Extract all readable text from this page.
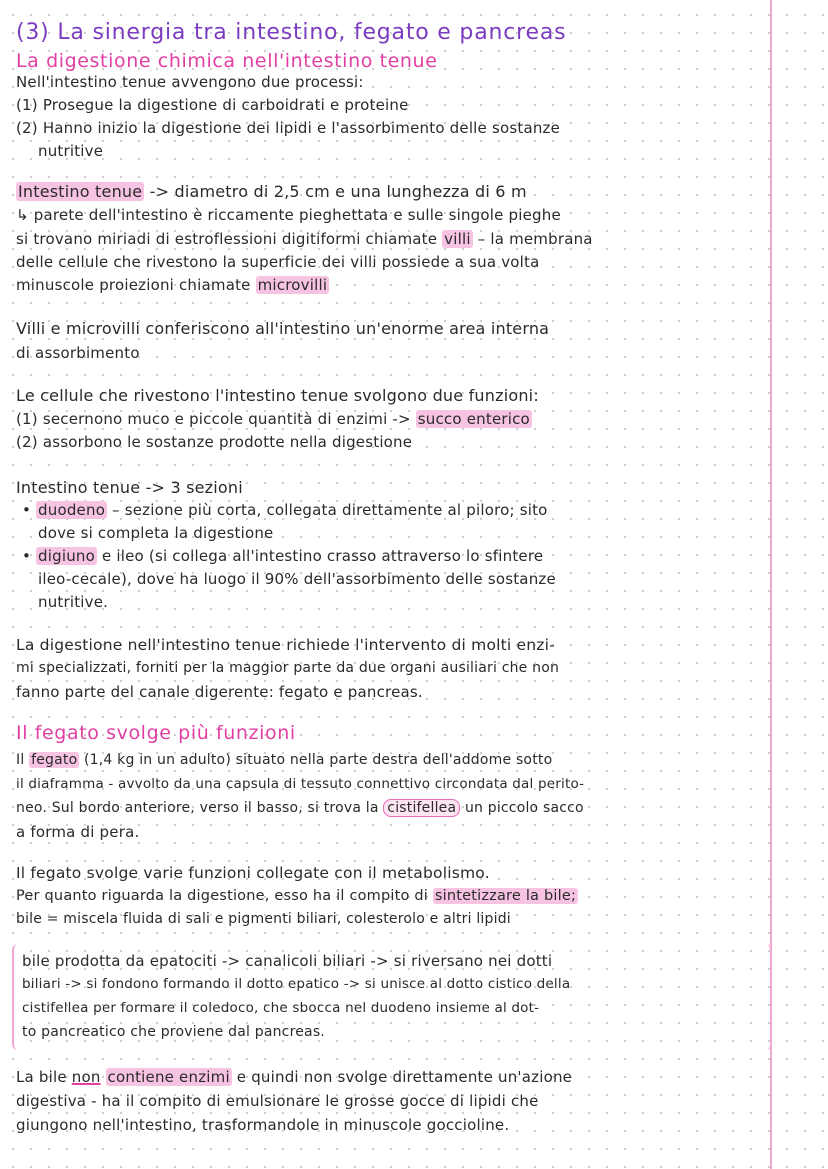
(3) La sinergia tra intestino, fegato e pancreas
La digestione chimica nell'intestino tenue
Nell'intestino tenue avvengono due processi:
(1) Prosegue la digestione di carboidrati e proteine
(2) Hanno inizio la digestione dei lipidi e l'assorbimento delle sostanze
nutritive
Intestino tenue -> diametro di 2,5 cm e una lunghezza di 6 m
↳ parete dell'intestino è riccamente pieghettata e sulle singole pieghe
si trovano miriadi di estroflessioni digitiformi chiamate villi – la membrana
delle cellule che rivestono la superficie dei villi possiede a sua volta
minuscole proiezioni chiamate microvilli
Villi e microvilli conferiscono all'intestino un'enorme area interna
di assorbimento
Le cellule che rivestono l'intestino tenue svolgono due funzioni:
(1) secernono muco e piccole quantità di enzimi -> succo enterico
(2) assorbono le sostanze prodotte nella digestione
Intestino tenue -> 3 sezioni
• duodeno – sezione più corta, collegata direttamente al piloro; sito
dove si completa la digestione
• digiuno e ileo (si collega all'intestino crasso attraverso lo sfintere
ileo-cecale), dove ha luogo il 90% dell'assorbimento delle sostanze
nutritive.
La digestione nell'intestino tenue richiede l'intervento di molti enzi-
mi specializzati, forniti per la maggior parte da due organi ausiliari che non
fanno parte del canale digerente: fegato e pancreas.
Il fegato svolge più funzioni
Il fegato (1,4 kg in un adulto) situato nella parte destra dell'addome sotto
il diaframma - avvolto da una capsula di tessuto connettivo circondata dal perito-
neo. Sul bordo anteriore, verso il basso, si trova la cistifellea un piccolo sacco
a forma di pera.
Il fegato svolge varie funzioni collegate con il metabolismo.
Per quanto riguarda la digestione, esso ha il compito di sintetizzare la bile;
bile = miscela fluida di sali e pigmenti biliari, colesterolo e altri lipidi
bile prodotta da epatociti -> canalicoli biliari -> si riversano nei dotti
biliari -> si fondono formando il dotto epatico -> si unisce al dotto cistico della
cistifellea per formare il coledoco, che sbocca nel duodeno insieme al dot-
to pancreatico che proviene dal pancreas.
La bile non contiene enzimi e quindi non svolge direttamente un'azione
digestiva - ha il compito di emulsionare le grosse gocce di lipidi che
giungono nell'intestino, trasformandole in minuscole goccioline.
